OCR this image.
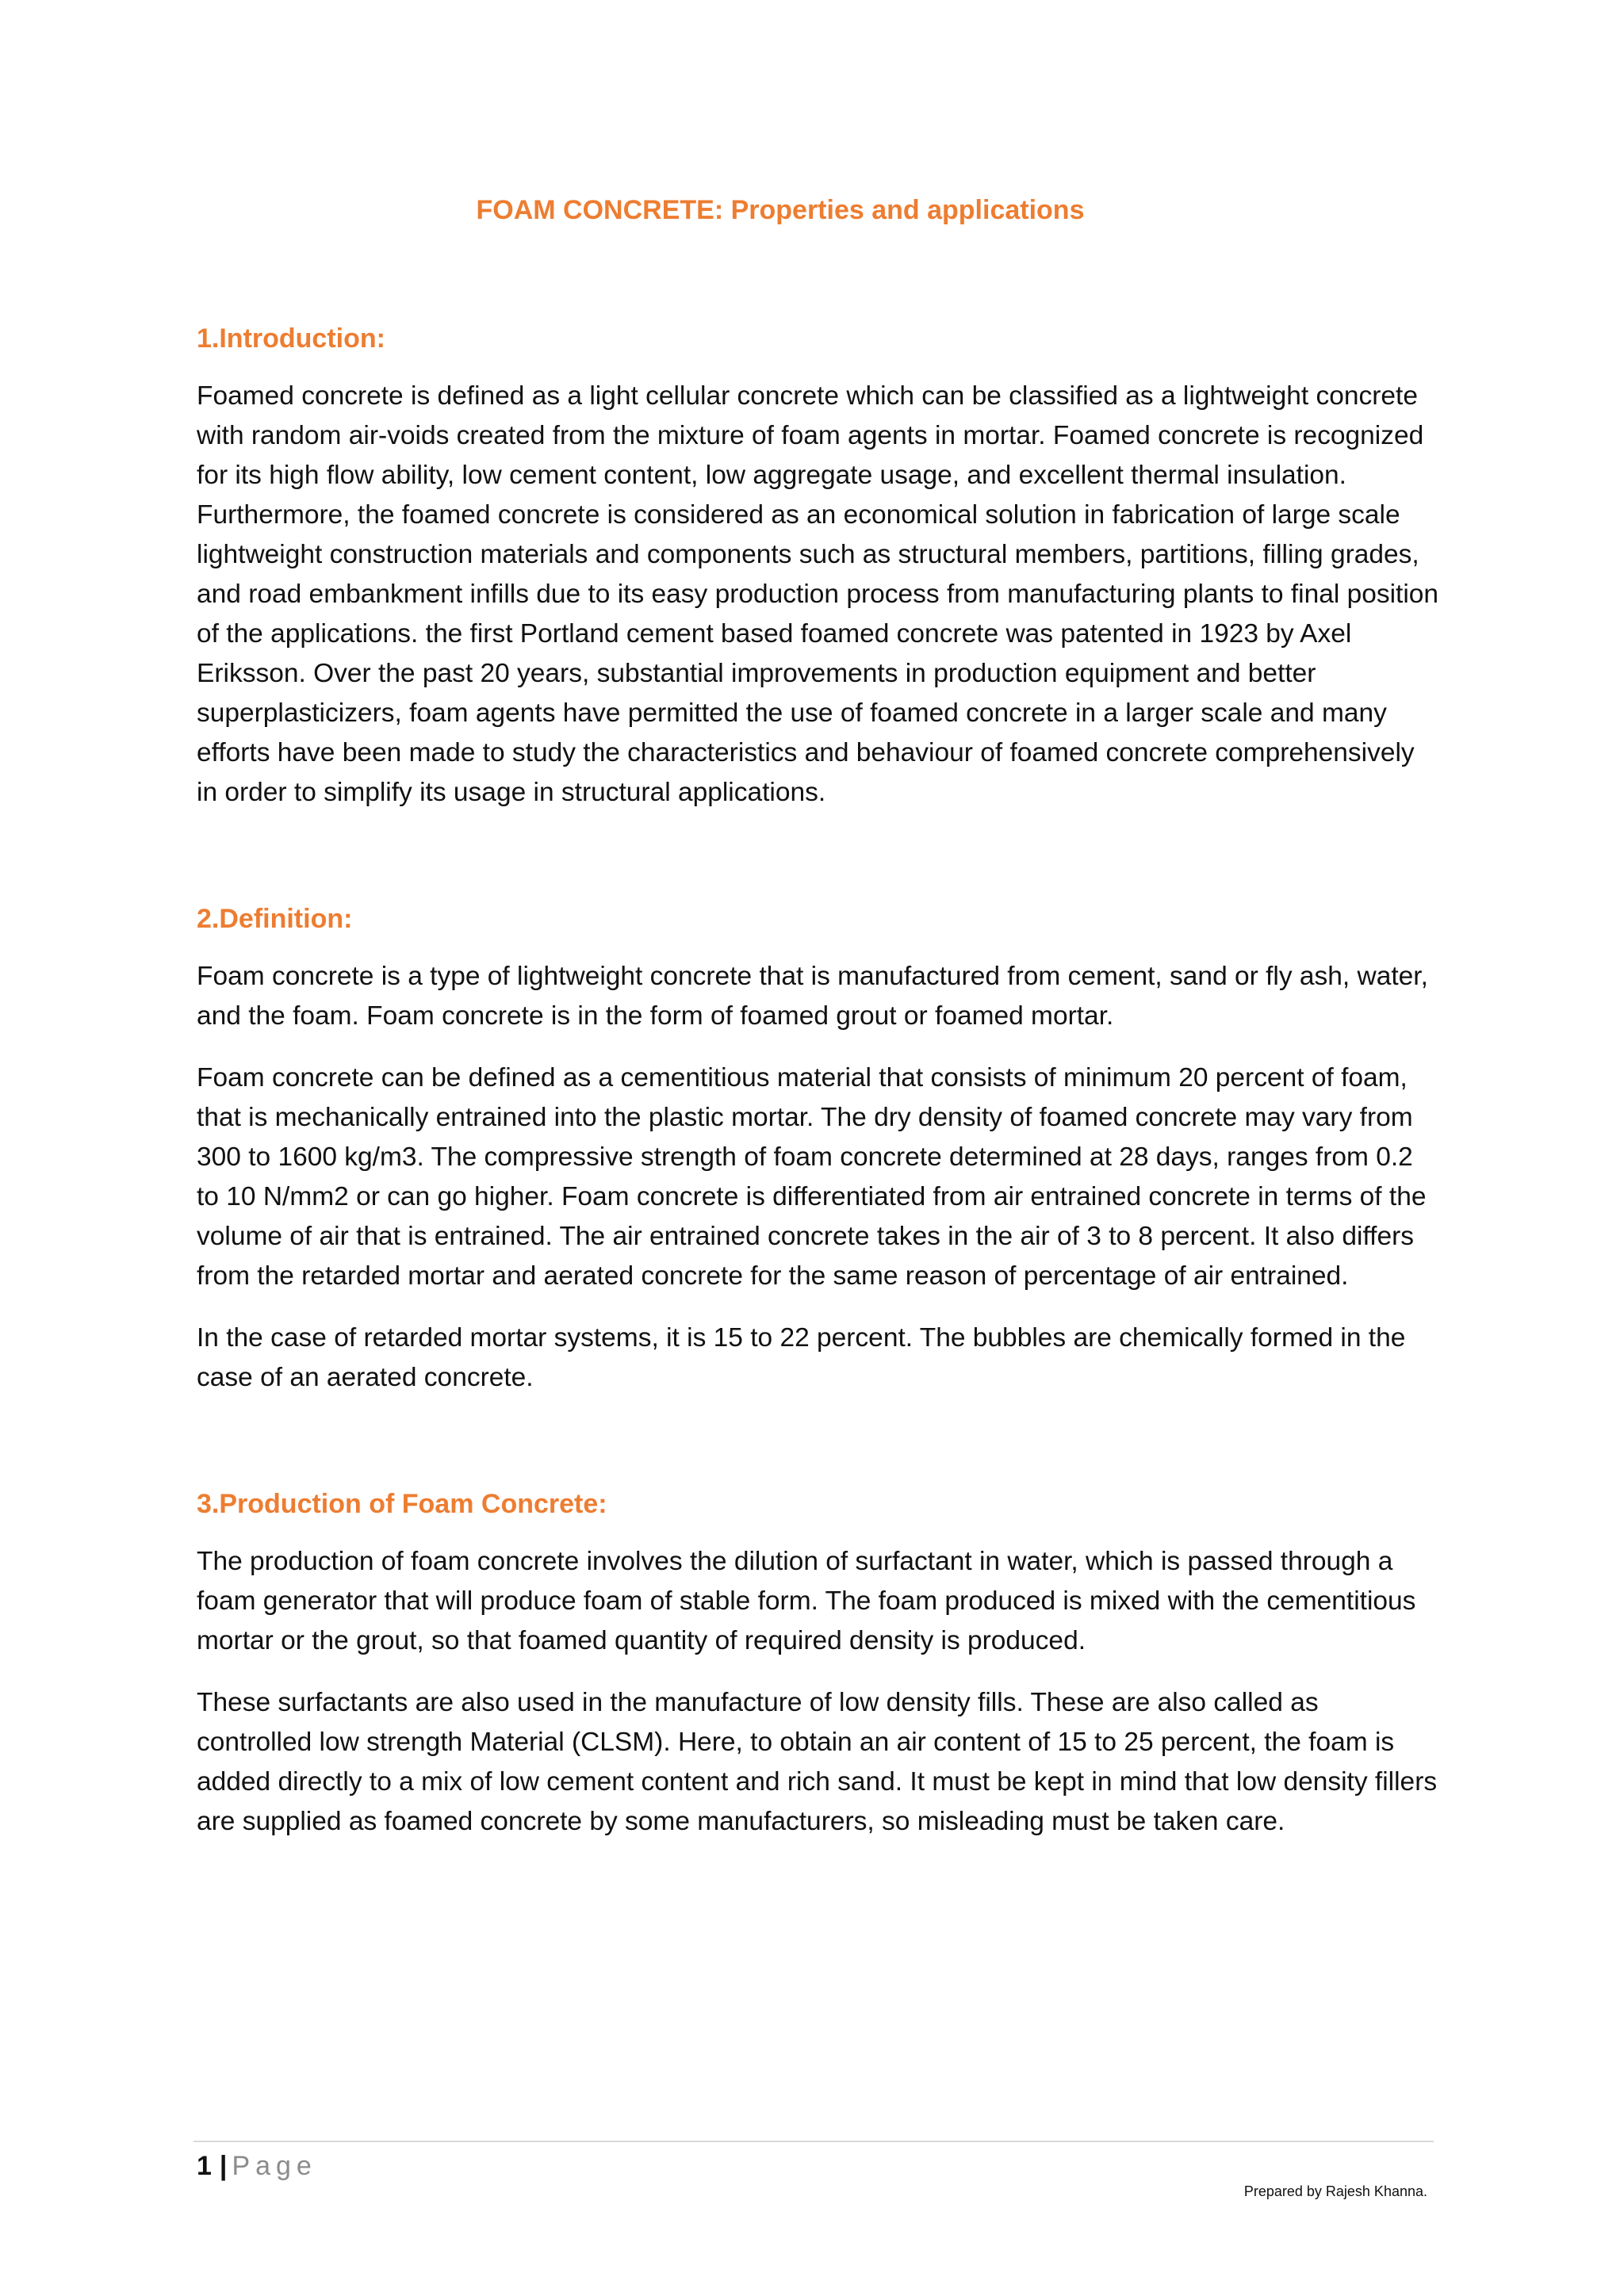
FOAM CONCRETE: Properties and applications
1.Introduction:

Foamed concrete is defined as a light cellular concrete which can be classified as a lightweight concrete with random air-voids created from the mixture of foam agents in mortar. Foamed concrete is recognized for its high flow ability, low cement content, low aggregate usage, and excellent thermal insulation. Furthermore, the foamed concrete is considered as an economical solution in fabrication of large scale lightweight construction materials and components such as structural members, partitions, filling grades, and road embankment infills due to its easy production process from manufacturing plants to final position of the applications. the first Portland cement based foamed concrete was patented in 1923 by Axel Eriksson. Over the past 20 years, substantial improvements in production equipment and better superplasticizers, foam agents have permitted the use of foamed concrete in a larger scale and many efforts have been made to study the characteristics and behaviour of foamed concrete comprehensively in order to simplify its usage in structural applications.

2.Definition:

Foam concrete is a type of lightweight concrete that is manufactured from cement, sand or fly ash, water, and the foam. Foam concrete is in the form of foamed grout or foamed mortar.

Foam concrete can be defined as a cementitious material that consists of minimum 20 percent of foam, that is mechanically entrained into the plastic mortar. The dry density of foamed concrete may vary from 300 to 1600 kg/m3. The compressive strength of foam concrete determined at 28 days, ranges from 0.2 to 10 N/mm2 or can go higher. Foam concrete is differentiated from air entrained concrete in terms of the volume of air that is entrained. The air entrained concrete takes in the air of 3 to 8 percent. It also differs from the retarded mortar and aerated concrete for the same reason of percentage of air entrained.

In the case of retarded mortar systems, it is 15 to 22 percent. The bubbles are chemically formed in the case of an aerated concrete.

3.Production of Foam Concrete:

The production of foam concrete involves the dilution of surfactant in water, which is passed through a foam generator that will produce foam of stable form. The foam produced is mixed with the cementitious mortar or the grout, so that foamed quantity of required density is produced.

These surfactants are also used in the manufacture of low density fills. These are also called as controlled low strength Material (CLSM). Here, to obtain an air content of 15 to 25 percent, the foam is added directly to a mix of low cement content and rich sand. It must be kept in mind that low density fillers are supplied as foamed concrete by some manufacturers, so misleading must be taken care.

1 | Page
Prepared by Rajesh Khanna.
